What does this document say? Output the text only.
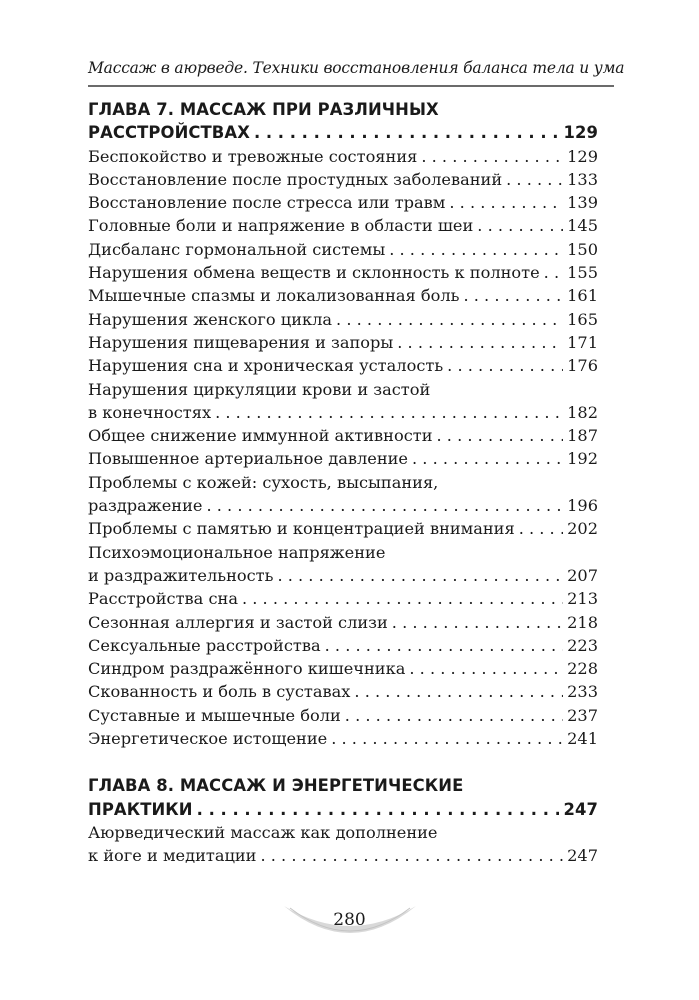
Массаж в аюрведе. Техники восстановления баланса тела и ума
ГЛАВА 7. МАССАЖ ПРИ РАЗЛИЧНЫХ
РАССТРОЙСТВАХ . . .	129
Беспокойство и тревожные состояния . . .	129
Восстановление после простудных заболеваний . . .	133
Восстановление после стресса или травм . . .	139
Головные боли и напряжение в области шеи . . .	145
Дисбаланс гормональной системы . . .	150
Нарушения обмена веществ и склонность к полноте . . . 155
Мышечные спазмы и локализованная боль . . .	161
Нарушения женского цикла . . .	165
Нарушения пищеварения и запоры . . .	171
Нарушения сна и хроническая усталость . . .	176
Нарушения циркуляции крови и застой
в конечностях . . .	182
Общее снижение иммунной активности . . .	187
Повышенное артериальное давление . . .	192
Проблемы с кожей: сухость, высыпания,
раздражение . . .	196
Проблемы с памятью и концентрацией внимания . . .	202
Психоэмоциональное напряжение
и раздражительность . . .	207
Расстройства сна . . .	213
Сезонная аллергия и застой слизи . . .	218
Сексуальные расстройства . . .	223
Синдром раздражённого кишечника . . .	228
Скованность и боль в суставах . . .	233
Суставные и мышечные боли . . .	237
Энергетическое истощение . . .	241
ГЛАВА 8. МАССАЖ И ЭНЕРГЕТИЧЕСКИЕ
ПРАКТИКИ . . .	247
Аюрведический массаж как дополнение
к йоге и медитации . . .	247
280
